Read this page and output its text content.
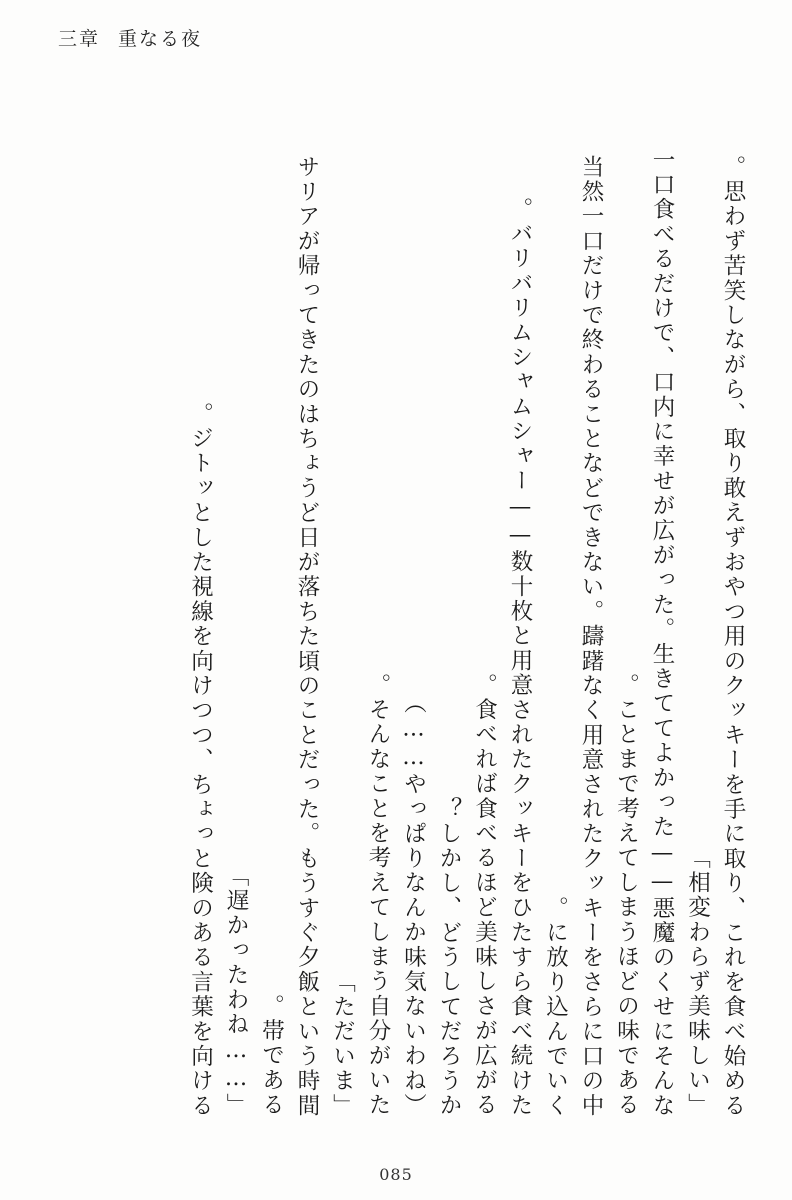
三章 重なる夜
思わず苦笑しながら、取り敢えずおやつ用のクッキーを手に取り、これを食べ始める。
「相変わらず美味しい」
一口食べるだけで、口内に幸せが広がった。生きててよかった——悪魔のくせにそんな
ことまで考えてしまうほどの味である。
当然一口だけで終わることなどできない。躊躇なく用意されたクッキーをさらに口の中
に放り込んでいく。
バリバリムシャムシャー——数十枚と用意されたクッキーをひたすら食べ続けた。
食べれば食べるほど美味しさが広がる。
しかし、どうしてだろうか？
（やっぱりなんか味気ないわね……）
そんなことを考えてしまう自分がいた。
「ただいま」
サリアが帰ってきたのはちょうど日が落ちた頃のことだった。もうすぐ夕飯という時間
帯である。
「……遅かったわね」
ジトッとした視線を向けつつ、ちょっと険のある言葉を向ける。
085
